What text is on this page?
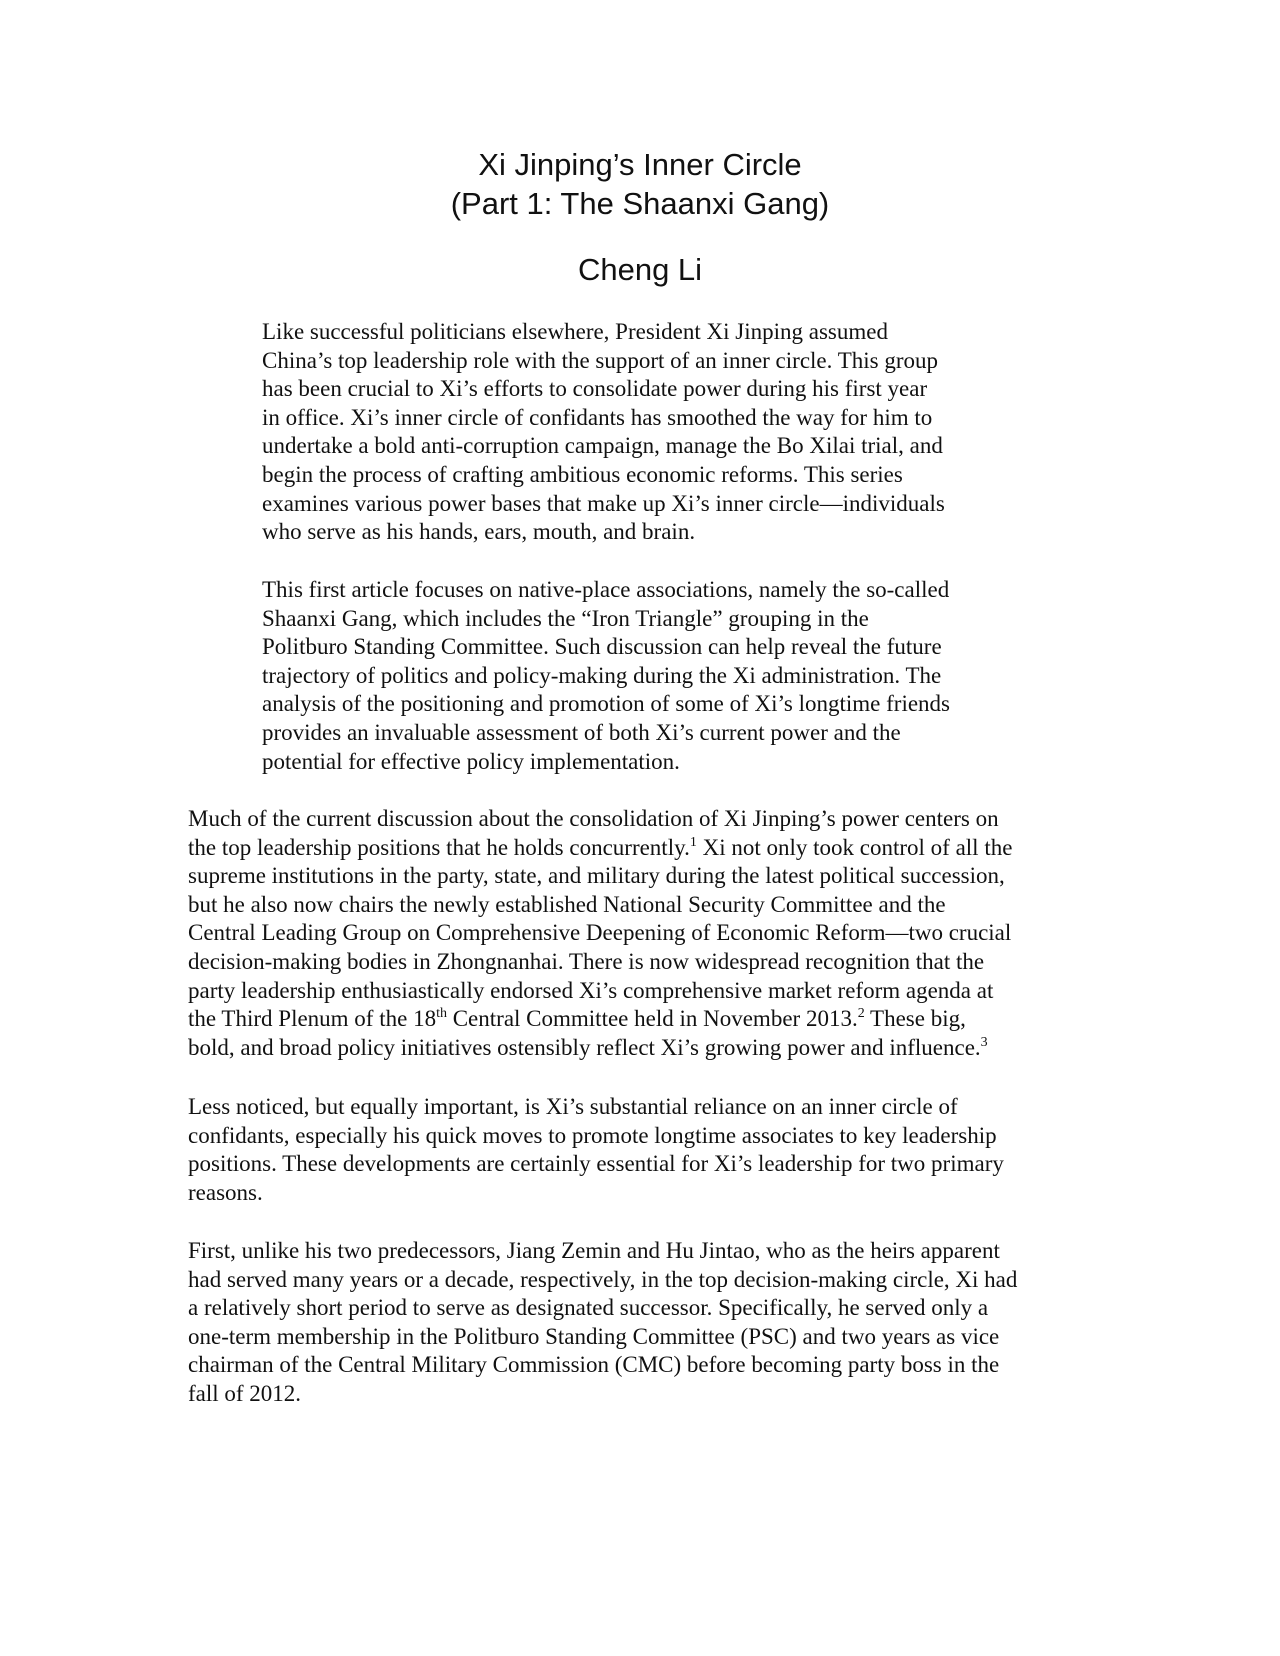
Xi Jinping’s Inner Circle
(Part 1: The Shaanxi Gang)
Cheng Li

Like successful politicians elsewhere, President Xi Jinping assumed
China’s top leadership role with the support of an inner circle. This group
has been crucial to Xi’s efforts to consolidate power during his first year
in office. Xi’s inner circle of confidants has smoothed the way for him to
undertake a bold anti-corruption campaign, manage the Bo Xilai trial, and
begin the process of crafting ambitious economic reforms. This series
examines various power bases that make up Xi’s inner circle—individuals
who serve as his hands, ears, mouth, and brain.

This first article focuses on native-place associations, namely the so-called
Shaanxi Gang, which includes the “Iron Triangle” grouping in the
Politburo Standing Committee. Such discussion can help reveal the future
trajectory of politics and policy-making during the Xi administration. The
analysis of the positioning and promotion of some of Xi’s longtime friends
provides an invaluable assessment of both Xi’s current power and the
potential for effective policy implementation.

Much of the current discussion about the consolidation of Xi Jinping’s power centers on
the top leadership positions that he holds concurrently.$^1$ Xi not only took control of all the
supreme institutions in the party, state, and military during the latest political succession,
but he also now chairs the newly established National Security Committee and the
Central Leading Group on Comprehensive Deepening of Economic Reform—two crucial
decision-making bodies in Zhongnanhai. There is now widespread recognition that the
party leadership enthusiastically endorsed Xi’s comprehensive market reform agenda at
the Third Plenum of the 18th Central Committee held in November 2013.$^2$ These big,
bold, and broad policy initiatives ostensibly reflect Xi’s growing power and influence.$^3$

Less noticed, but equally important, is Xi’s substantial reliance on an inner circle of
confidants, especially his quick moves to promote longtime associates to key leadership
positions. These developments are certainly essential for Xi’s leadership for two primary
reasons.

First, unlike his two predecessors, Jiang Zemin and Hu Jintao, who as the heirs apparent
had served many years or a decade, respectively, in the top decision-making circle, Xi had
a relatively short period to serve as designated successor. Specifically, he served only a
one-term membership in the Politburo Standing Committee (PSC) and two years as vice
chairman of the Central Military Commission (CMC) before becoming party boss in the
fall of 2012.
